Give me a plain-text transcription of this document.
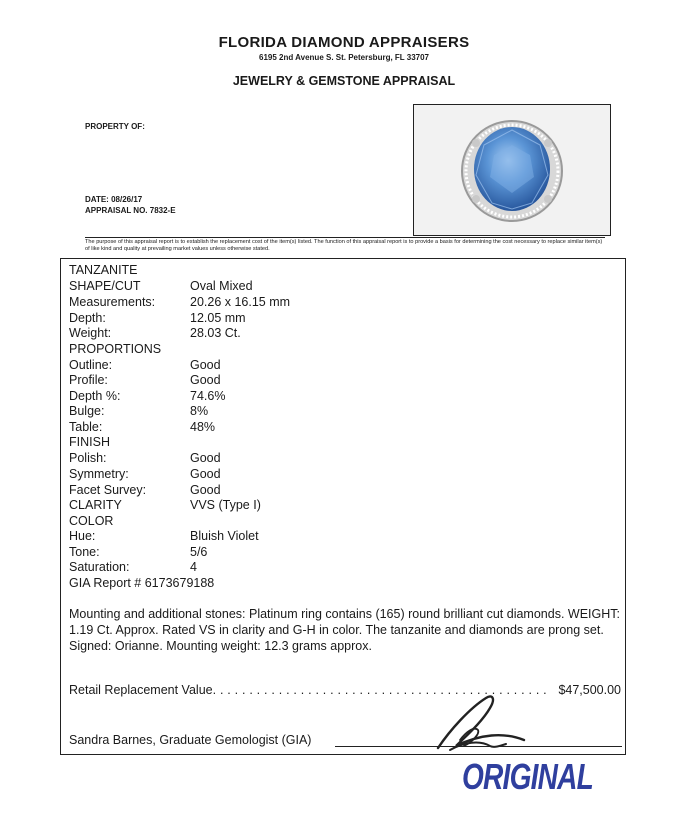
FLORIDA DIAMOND APPRAISERS
6195 2nd Avenue S. St. Petersburg, FL 33707
JEWELRY & GEMSTONE APPRAISAL
PROPERTY OF:
DATE: 08/26/17
APPRAISAL NO. 7832-E
The purpose of this appraisal report is to establish the replacement cost of the item(s) listed. The function of this appraisal report is to provide a basis for determining the cost necessary to replace similar item(s) of like kind and quality at prevailing market values unless otherwise stated.
TANZANITE
SHAPE/CUT	Oval Mixed
Measurements:	20.26 x 16.15 mm
Depth:	12.05 mm
Weight:	28.03 Ct.
PROPORTIONS
Outline:	Good
Profile:	Good
Depth %:	74.6%
Bulge:	8%
Table:	48%
FINISH
Polish:	Good
Symmetry:	Good
Facet Survey:	Good
CLARITY	VVS (Type I)
COLOR
Hue:	Bluish Violet
Tone:	5/6
Saturation:	4
GIA Report # 6173679188
Mounting and additional stones: Platinum ring contains (165) round brilliant cut diamonds. WEIGHT: 1.19 Ct. Approx. Rated VS in clarity and G-H in color. The tanzanite and diamonds are prong set. Signed: Orianne. Mounting weight: 12.3 grams approx.
Retail Replacement Value. . . . . . . . . . . . . . . . . . . . . . . . . . . . . . . . . . . . . . . . . . . . . . $47,500.00
Sandra Barnes, Graduate Gemologist (GIA)
ORIGINAL
